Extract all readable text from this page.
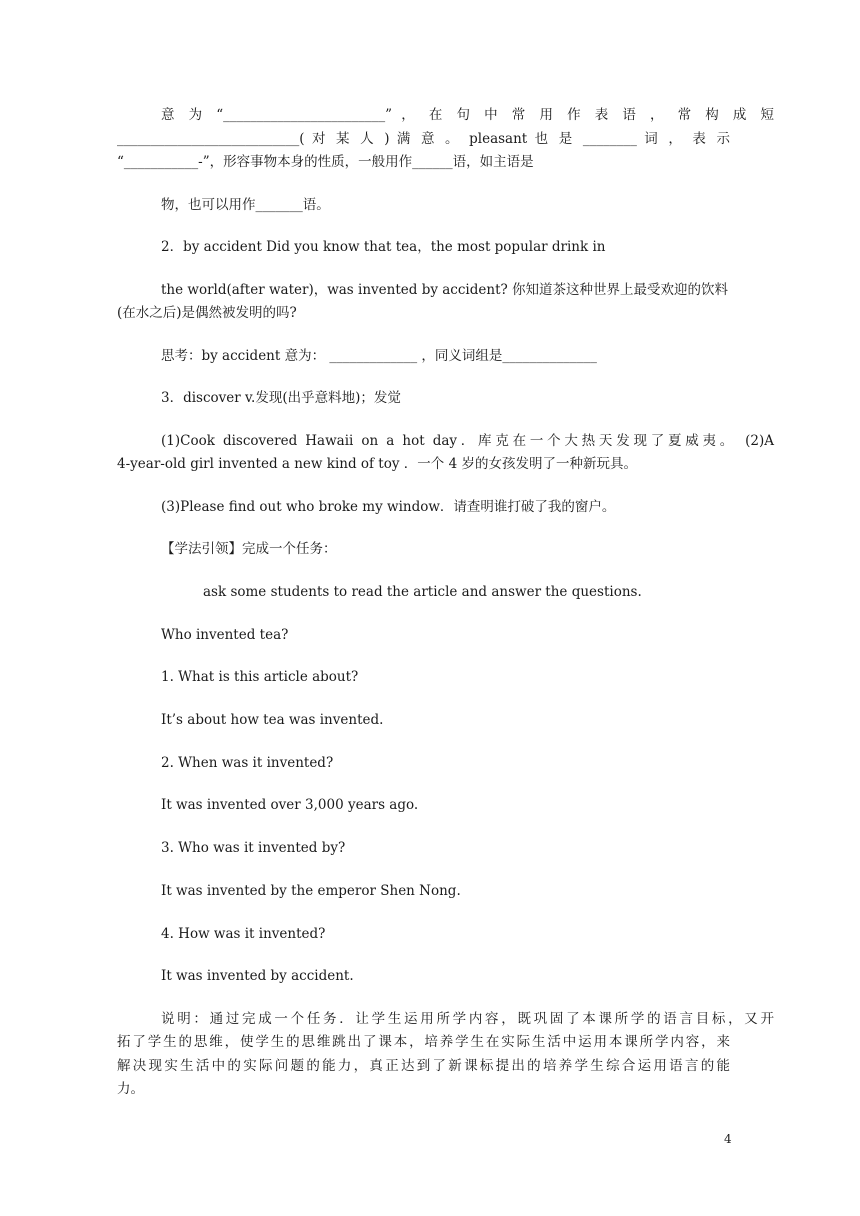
意 为 “________________________” ， 在 句 中 常 用 作 表 语 ， 常 构 成 短
___________________________( 对 某 人 ) 满 意 。 pleasant 也 是 ________ 词 ， 表 示
“___________-”，形容事物本身的性质，一般用作______语，如主语是
物，也可以用作_______语。
2．by accident Did you know that tea，the most popular drink in
the world(after water)，was invented by accident? 你知道茶这种世界上最受欢迎的饮料
(在水之后)是偶然被发明的吗?
思考：by accident 意为： _____________ ，同义词组是______________
3．discover v.发现(出乎意料地)；发觉
(1)Cook discovered Hawaii on a hot day．库克在一个大热天发现了夏威夷。 (2)A
4-year-old girl invented a new kind of toy ．一个 4 岁的女孩发明了一种新玩具。
(3)Please find out who broke my window．请查明谁打破了我的窗户。
【学法引领】完成一个任务：
ask some students to read the article and answer the questions.
Who invented tea?
1. What is this article about?
It’s about how tea was invented.
2. When was it invented?
It was invented over 3,000 years ago.
3. Who was it invented by?
It was invented by the emperor Shen Nong.
4. How was it invented?
It was invented by accident.
说明：通过完成一个任务．让学生运用所学内容，既巩固了本课所学的语言目标，又开
拓了学生的思维，使学生的思维跳出了课本，培养学生在实际生活中运用本课所学内容，来
解决现实生活中的实际问题的能力，真正达到了新课标提出的培养学生综合运用语言的能
力。
4
